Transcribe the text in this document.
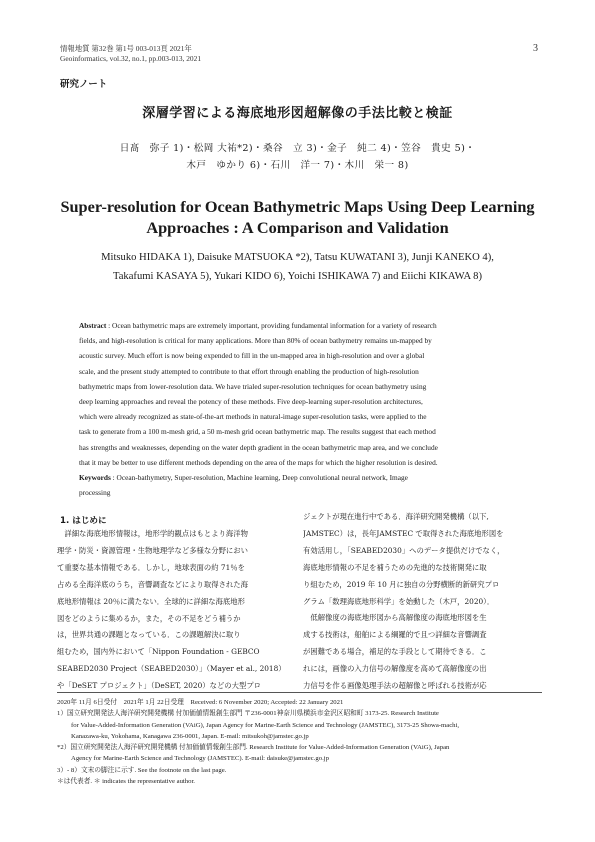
情報地質 第32巻 第1号 003-013頁 2021年
Geoinformatics, vol.32, no.1, pp.003-013, 2021
3
研究ノート
深層学習による海底地形図超解像の手法比較と検証
日髙　弥子 1)・松岡 大祐*2)・桑谷　立 3)・金子　純二 4)・笠谷　貴史 5)・
木戸　ゆかり 6)・石川　洋一 7)・木川　栄一 8)
Super-resolution for Ocean Bathymetric Maps Using Deep Learning
Approaches : A Comparison and Validation
Mitsuko HIDAKA 1), Daisuke MATSUOKA *2), Tatsu KUWATANI 3), Junji KANEKO 4),
Takafumi KASAYA 5), Yukari KIDO 6), Yoichi ISHIKAWA 7) and Eiichi KIKAWA 8)
Abstract : Ocean bathymetric maps are extremely important, providing fundamental information for a variety of research
fields, and high-resolution is critical for many applications. More than 80% of ocean bathymetry remains un-mapped by
acoustic survey. Much effort is now being expended to fill in the un-mapped area in high-resolution and over a global
scale, and the present study attempted to contribute to that effort through enabling the production of high-resolution
bathymetric maps from lower-resolution data. We have trialed super-resolution techniques for ocean bathymetry using
deep learning approaches and reveal the potency of these methods. Five deep-learning super-resolution architectures,
which were already recognized as state-of-the-art methods in natural-image super-resolution tasks, were applied to the
task to generate from a 100 m-mesh grid, a 50 m-mesh grid ocean bathymetric map. The results suggest that each method
has strengths and weaknesses, depending on the water depth gradient in the ocean bathymetric map area, and we conclude
that it may be better to use different methods depending on the area of the maps for which the higher resolution is desired.
Keywords : Ocean-bathymetry, Super-resolution, Machine learning, Deep convolutional neural network, Image
processing
1. はじめに
　詳細な海底地形情報は，地形学的観点はもとより海洋物
理学・防災・資源管理・生物地理学など多様な分野におい
て重要な基本情報である．しかし，地球表面の約 71％を
占める全海洋底のうち，音響調査などにより取得された海
底地形情報は 20％に満たない．全球的に詳細な海底地形
図をどのように集めるか，また，その不足をどう補うか
は，世界共通の課題となっている．この課題解決に取り
組むため，国内外において「Nippon Foundation - GEBCO
SEABED2030 Project（SEABED2030）」（Mayer et al., 2018）
や「DeSET プロジェクト」（DeSET, 2020）などの大型プロ
ジェクトが現在進行中である．海洋研究開発機構（以下,
JAMSTEC）は，長年JAMSTEC で取得された海底地形図を
有効活用し，「SEABED2030」へのデータ提供だけでなく，
海底地形情報の不足を補うための先進的な技術開発に取
り組むため，2019 年 10 月に独自の分野横断的新研究プロ
グラム「数理海底地形科学」を始動した（木戸，2020）．
　低解像度の海底地形図から高解像度の海底地形図を生
成する技術は，船舶による綱羅的で且つ詳細な音響調査
が困難である場合，補足的な手段として期待できる．こ
れには，画像の入力信号の解像度を高めて高解像度の出
力信号を作る画像処理手法の超解像と呼ばれる技術が応
2020年 11月 6日受付　2021年 1月 22日受理　Received: 6 November 2020; Accepted: 22 January 2021
1）国立研究開発法人海洋研究開発機構 付加価値情報創生部門 〒236-0001神奈川県横浜市金沢区昭和町 3173-25. Research Institute
for Value-Added-Information Generation (VAiG), Japan Agency for Marine-Earth Science and Technology (JAMSTEC), 3173-25 Showa-machi,
Kanazawa-ku, Yokohama, Kanagawa 236-0001, Japan. E-mail: mitsukoh@jamstec.go.jp
*2）国立研究開発法人海洋研究開発機構 付加価値情報創生部門. Research Institute for Value-Added-Information Generation (VAiG), Japan
Agency for Marine-Earth Science and Technology (JAMSTEC). E-mail: daisuke@jamstec.go.jp
3）- 8）文末の脚注に示す. See the footnote on the last page.
＊は代表者. ＊ indicates the representative author.
